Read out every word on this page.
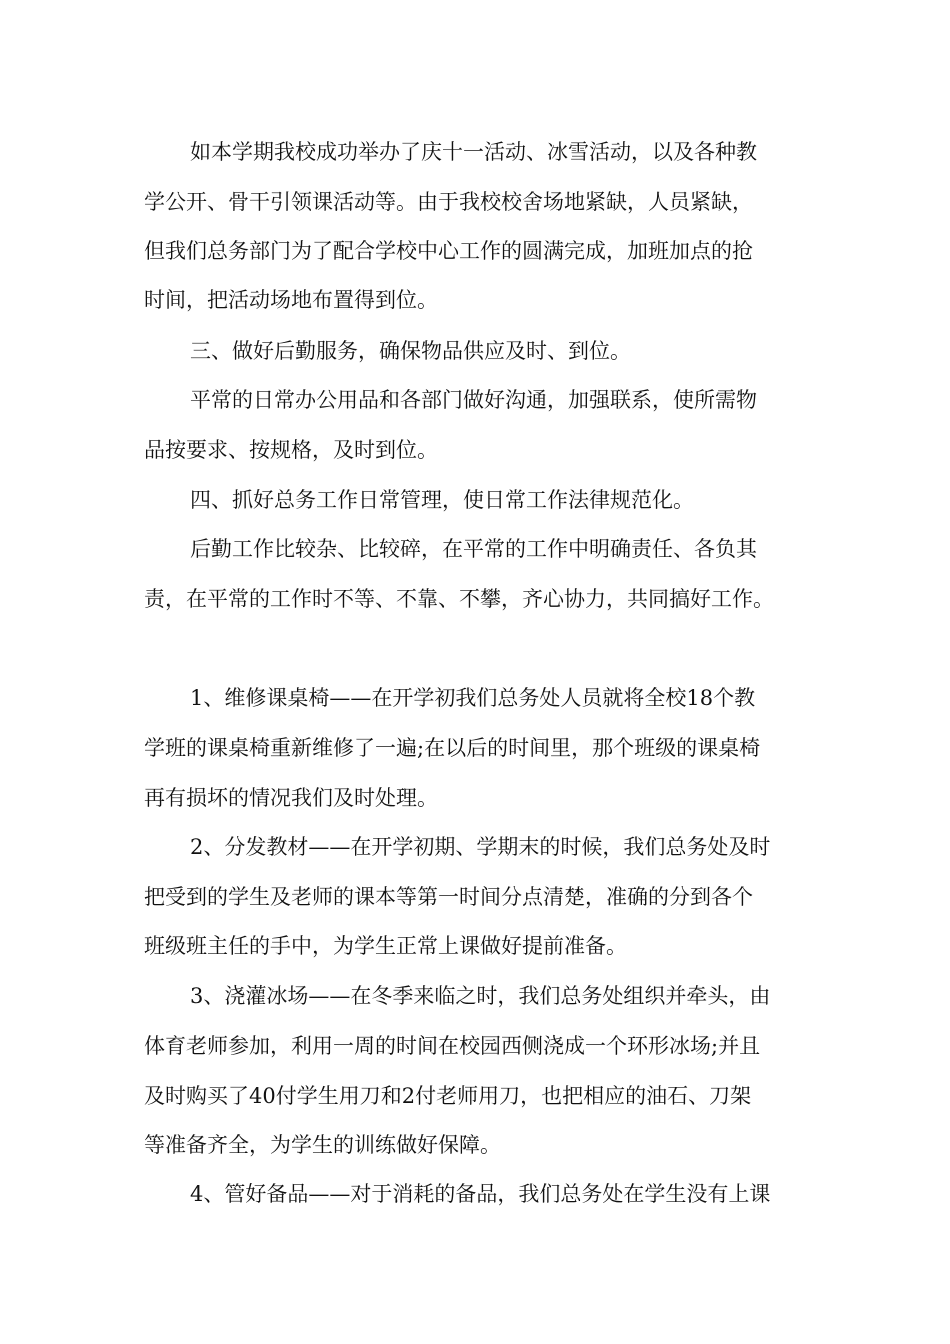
如本学期我校成功举办了庆十一活动、冰雪活动，以及各种教

学公开、骨干引领课活动等。由于我校校舍场地紧缺，人员紧缺，

但我们总务部门为了配合学校中心工作的圆满完成，加班加点的抢

时间，把活动场地布置得到位。

三、做好后勤服务，确保物品供应及时、到位。

平常的日常办公用品和各部门做好沟通，加强联系，使所需物

品按要求、按规格，及时到位。

四、抓好总务工作日常管理，使日常工作法律规范化。

后勤工作比较杂、比较碎，在平常的工作中明确责任、各负其

责，在平常的工作时不等、不靠、不攀，齐心协力，共同搞好工作。

1、维修课桌椅——在开学初我们总务处人员就将全校18个教

学班的课桌椅重新维修了一遍;在以后的时间里，那个班级的课桌椅

再有损坏的情况我们及时处理。

2、分发教材——在开学初期、学期末的时候，我们总务处及时

把受到的学生及老师的课本等第一时间分点清楚，准确的分到各个

班级班主任的手中，为学生正常上课做好提前准备。

3、浇灌冰场——在冬季来临之时，我们总务处组织并牵头，由

体育老师参加，利用一周的时间在校园西侧浇成一个环形冰场;并且

及时购买了40付学生用刀和2付老师用刀，也把相应的油石、刀架

等准备齐全，为学生的训练做好保障。

4、管好备品——对于消耗的备品，我们总务处在学生没有上课
